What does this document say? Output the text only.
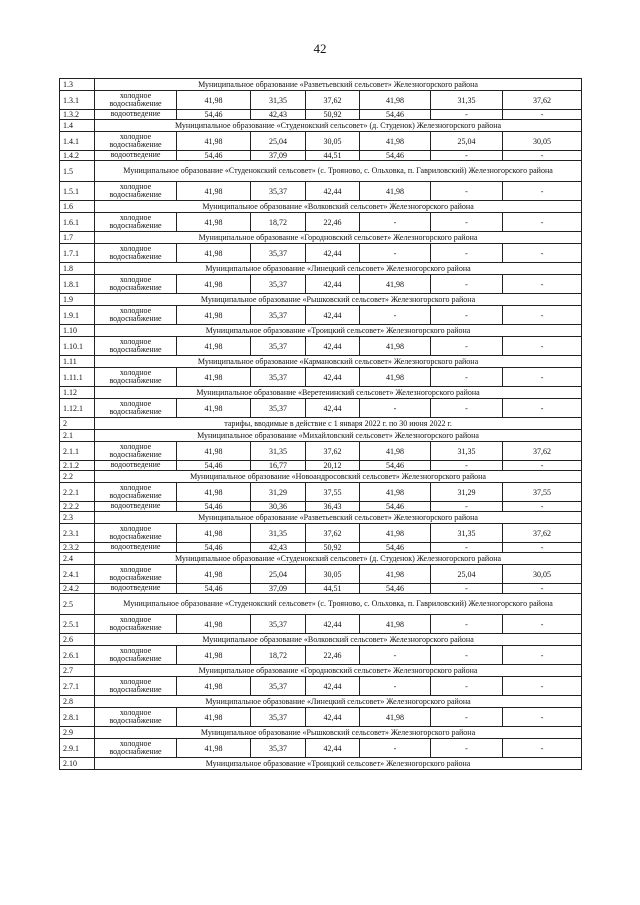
42
1.3	Муниципальное образование «Разветьевский сельсовет» Железногорского района						
1.3.1	холодное водоснабжение	41,98	31,35	37,62	41,98	31,35	37,62
1.3.2	водоотведение	54,46	42,43	50,92	54,46	-	-
1.4	Муниципальное образование «Студенокский сельсовет» (д. Студенок) Железногорского района						
1.4.1	холодное водоснабжение	41,98	25,04	30,05	41,98	25,04	30,05
1.4.2	водоотведение	54,46	37,09	44,51	54,46	-	-
1.5	Муниципальное образование «Студенокский сельсовет» (с. Трояново, с. Ольховка, п. Гавриловский) Железногорского района						
1.5.1	холодное водоснабжение	41,98	35,37	42,44	41,98	-	-
1.6	Муниципальное образование «Волковский сельсовет» Железногорского района						
1.6.1	холодное водоснабжение	41,98	18,72	22,46	-	-	-
1.7	Муниципальное образование «Городновский сельсовет» Железногорского района						
1.7.1	холодное водоснабжение	41,98	35,37	42,44	-	-	-
1.8	Муниципальное образование «Линецкий сельсовет» Железногорского района						
1.8.1	холодное водоснабжение	41,98	35,37	42,44	41,98	-	-
1.9	Муниципальное образование «Рышковский сельсовет» Железногорского района						
1.9.1	холодное водоснабжение	41,98	35,37	42,44	-	-	-
1.10	Муниципальное образование «Троицкий сельсовет» Железногорского района						
1.10.1	холодное водоснабжение	41,98	35,37	42,44	41,98	-	-
1.11	Муниципальное образование «Кармановский сельсовет» Железногорского района						
1.11.1	холодное водоснабжение	41,98	35,37	42,44	41,98	-	-
1.12	Муниципальное образование «Веретенинский сельсовет» Железногорского района						
1.12.1	холодное водоснабжение	41,98	35,37	42,44	-	-	-
2	тарифы, вводимые в действие с 1 января 2022 г. по 30 июня 2022 г.						
2.1	Муниципальное образование «Михайловский сельсовет» Железногорского района						
2.1.1	холодное водоснабжение	41,98	31,35	37,62	41,98	31,35	37,62
2.1.2	водоотведение	54,46	16,77	20,12	54,46	-	-
2.2	Муниципальное образование «Новоандросовский сельсовет» Железногорского района						
2.2.1	холодное водоснабжение	41,98	31,29	37,55	41,98	31,29	37,55
2.2.2	водоотведение	54,46	30,36	36,43	54,46	-	-
2.3	Муниципальное образование «Разветьевский сельсовет» Железногорского района						
2.3.1	холодное водоснабжение	41,98	31,35	37,62	41,98	31,35	37,62
2.3.2	водоотведение	54,46	42,43	50,92	54,46	-	-
2.4	Муниципальное образование «Студенокский сельсовет» (д. Студенок) Железногорского района						
2.4.1	холодное водоснабжение	41,98	25,04	30,05	41,98	25,04	30,05
2.4.2	водоотведение	54,46	37,09	44,51	54,46	-	-
2.5	Муниципальное образование «Студенокский сельсовет» (с. Трояново, с. Ольховка, п. Гавриловский) Железногорского района						
2.5.1	холодное водоснабжение	41,98	35,37	42,44	41,98	-	-
2.6	Муниципальное образование «Волковский сельсовет» Железногорского района						
2.6.1	холодное водоснабжение	41,98	18,72	22,46	-	-	-
2.7	Муниципальное образование «Городновский сельсовет» Железногорского района						
2.7.1	холодное водоснабжение	41,98	35,37	42,44	-	-	-
2.8	Муниципальное образование «Линецкий сельсовет» Железногорского района						
2.8.1	холодное водоснабжение	41,98	35,37	42,44	41,98	-	-
2.9	Муниципальное образование «Рышковский сельсовет» Железногорского района						
2.9.1	холодное водоснабжение	41,98	35,37	42,44	-	-	-
2.10	Муниципальное образование «Троицкий сельсовет» Железногорского района						
